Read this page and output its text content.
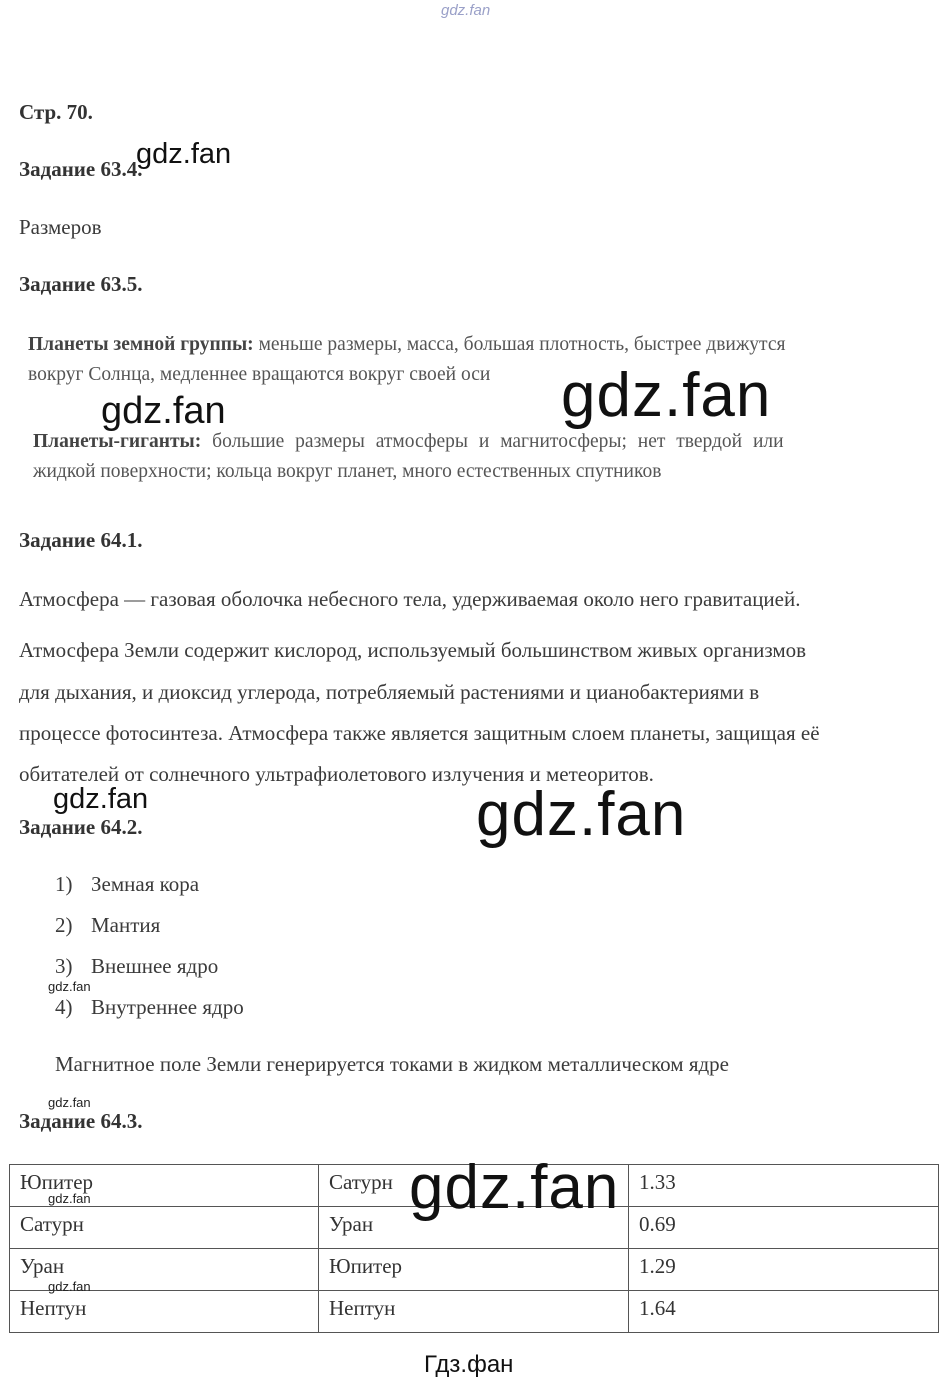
gdz.fan
Стр. 70.
Задание 63.4.
Размеров
Задание 63.5.
Планеты земной группы: меньше размеры, масса, большая плотность, быстрее движутся
вокруг Солнца, медленнее вращаются вокруг своей оси
Планеты-гиганты: большие размеры атмосферы и магнитосферы; нет твердой или
жидкой поверхности; кольца вокруг планет, много естественных спутников
Задание 64.1.
Атмосфера — газовая оболочка небесного тела, удерживаемая около него гравитацией.
Атмосфера Земли содержит кислород, используемый большинством живых организмов
для дыхания, и диоксид углерода, потребляемый растениями и цианобактериями в
процессе фотосинтеза. Атмосфера также является защитным слоем планеты, защищая её
обитателей от солнечного ультрафиолетового излучения и метеоритов.
Задание 64.2.
1) Земная кора
2) Мантия
3) Внешнее ядро
4) Внутреннее ядро
Магнитное поле Земли генерируется токами в жидком металлическом ядре
Задание 64.3.
Юпитер	Сатурн	1.33
Сатурн	Уран	0.69
Уран	Юпитер	1.29
Нептун	Нептун	1.64
gdz.fan
gdz.fan
gdz.fan
gdz.fan	gdz.fan
gdz.fan
gdz.fan
gdz.fan
gdz.fan
gdz.fan
Гдз.фан
